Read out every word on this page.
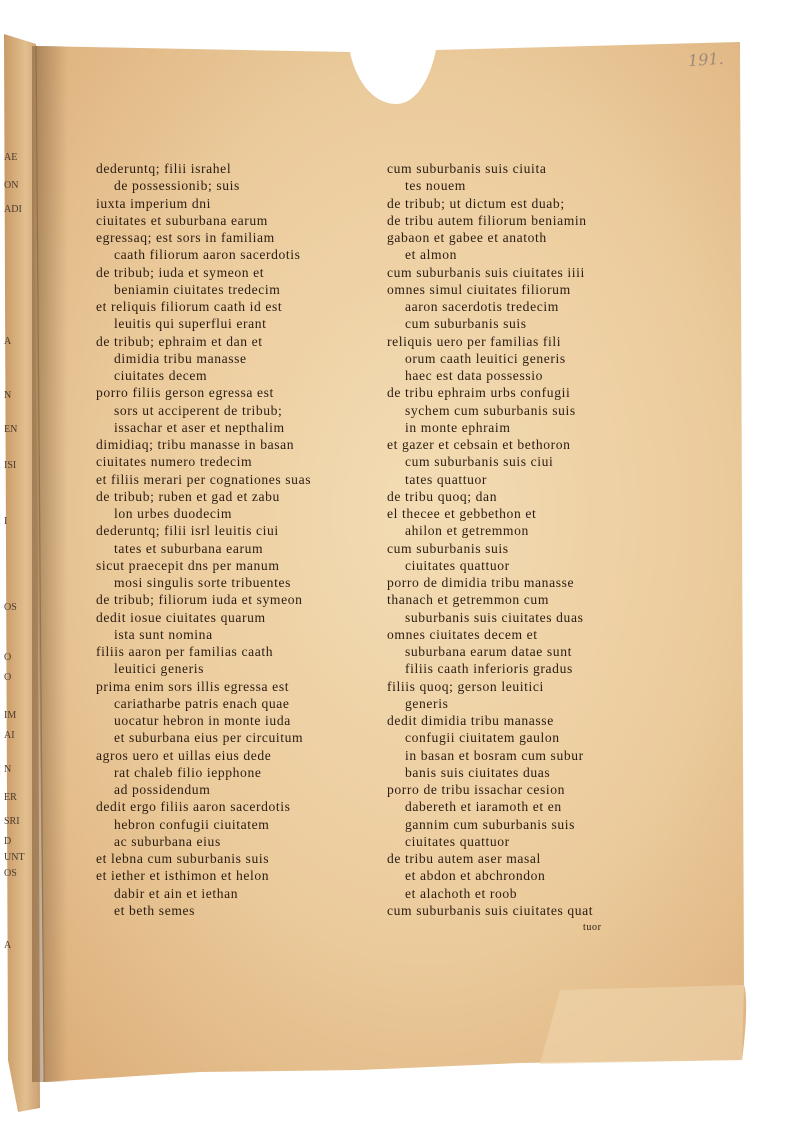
191.
AE
ON
ADI
A
N
EN
ISI
I
OS
O
O
IM
AI
N
ER
SRI
D
UNT
OS
A
dederuntq; filii israhel
de possessionib; suis
iuxta imperium dni
ciuitates et suburbana earum
egressaq; est sors in familiam
caath filiorum aaron sacerdotis
de tribub; iuda et symeon et
beniamin ciuitates tredecim
et reliquis filiorum caath id est
leuitis qui superflui erant
de tribub; ephraim et dan et
dimidia tribu manasse
ciuitates decem
porro filiis gerson egressa est
sors ut acciperent de tribub;
issachar et aser et nepthalim
dimidiaq; tribu manasse in basan
ciuitates numero tredecim
et filiis merari per cognationes suas
de tribub; ruben et gad et zabu
lon urbes duodecim
dederuntq; filii isrl leuitis ciui
tates et suburbana earum
sicut praecepit dns per manum
mosi singulis sorte tribuentes
de tribub; filiorum iuda et symeon
dedit iosue ciuitates quarum
ista sunt nomina
filiis aaron per familias caath
leuitici generis
prima enim sors illis egressa est
cariatharbe patris enach quae
uocatur hebron in monte iuda
et suburbana eius per circuitum
agros uero et uillas eius dede
rat chaleb filio iepphone
ad possidendum
dedit ergo filiis aaron sacerdotis
hebron confugii ciuitatem
ac suburbana eius
et lebna cum suburbanis suis
et iether et isthimon et helon
dabir et ain et iethan
et beth semes
cum suburbanis suis ciuita
tes nouem
de tribub; ut dictum est duab;
de tribu autem filiorum beniamin
gabaon et gabee et anatoth
et almon
cum suburbanis suis ciuitates iiii
omnes simul ciuitates filiorum
aaron sacerdotis tredecim
cum suburbanis suis
reliquis uero per familias fili
orum caath leuitici generis
haec est data possessio
de tribu ephraim urbs confugii
sychem cum suburbanis suis
in monte ephraim
et gazer et cebsain et bethoron
cum suburbanis suis ciui
tates quattuor
de tribu quoq; dan
el thecee et gebbethon et
ahilon et getremmon
cum suburbanis suis
ciuitates quattuor
porro de dimidia tribu manasse
thanach et getremmon cum
suburbanis suis ciuitates duas
omnes ciuitates decem et
suburbana earum datae sunt
filiis caath inferioris gradus
filiis quoq; gerson leuitici
generis
dedit dimidia tribu manasse
confugii ciuitatem gaulon
in basan et bosram cum subur
banis suis ciuitates duas
porro de tribu issachar cesion
dabereth et iaramoth et en
gannim cum suburbanis suis
ciuitates quattuor
de tribu autem aser masal
et abdon et abchrondon
et alachoth et roob
cum suburbanis suis ciuitates quat
tuor
